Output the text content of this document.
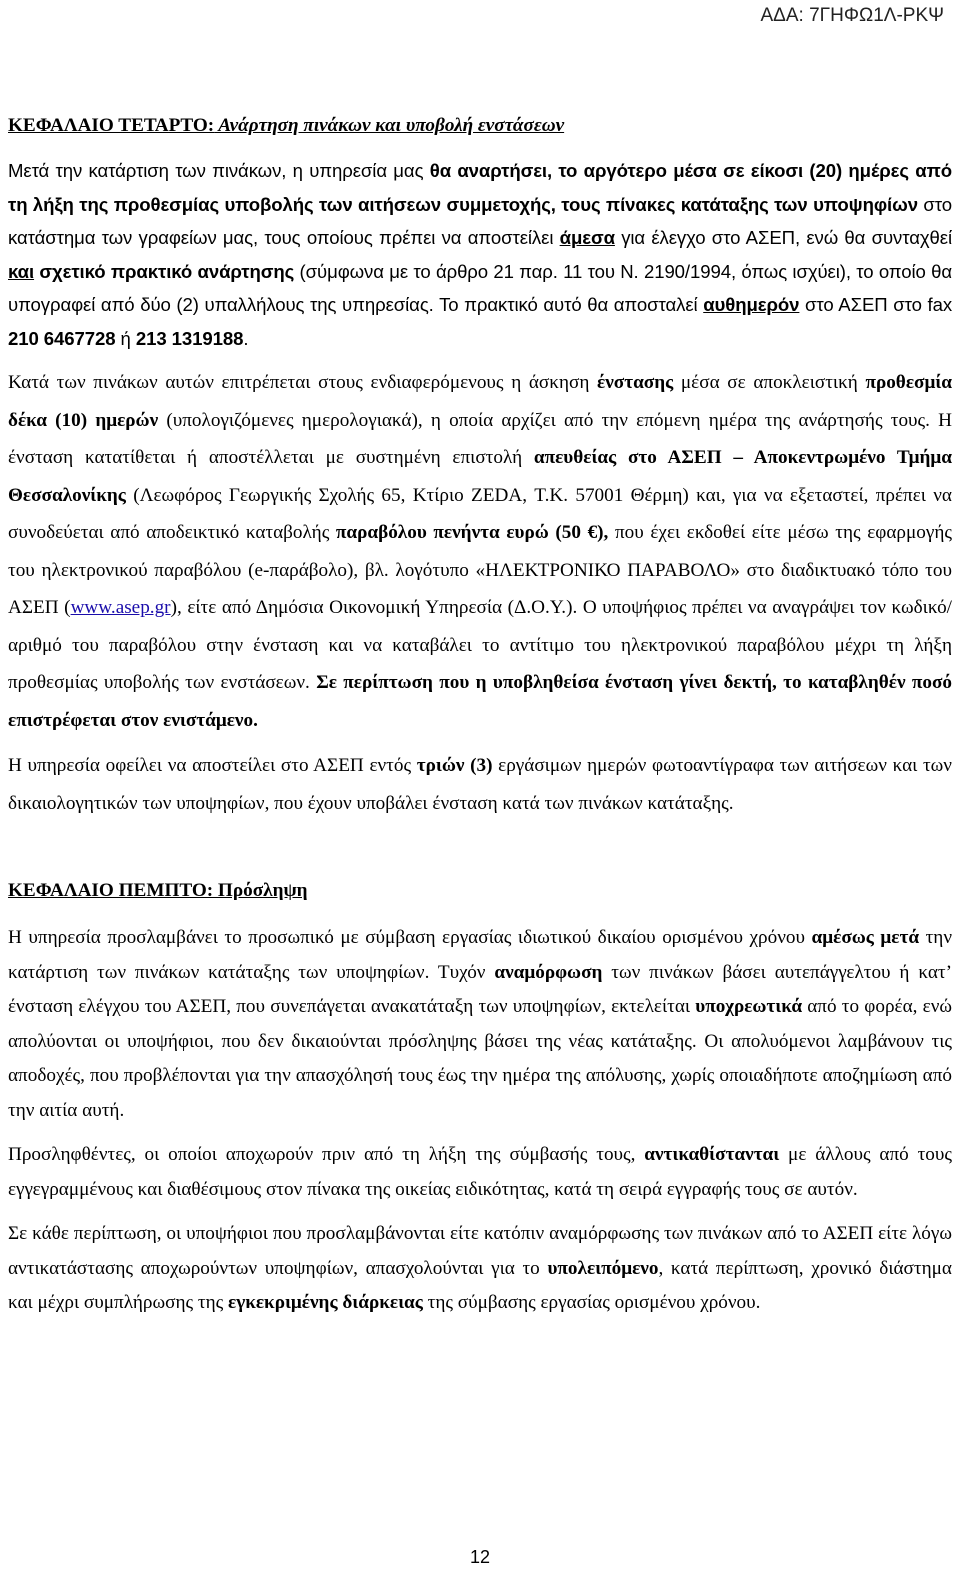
ΑΔΑ: 7ΓΗΦΩ1Λ-ΡΚΨ
ΚΕΦΑΛΑΙΟ ΤΕΤΑΡΤΟ: Ανάρτηση πινάκων και υποβολή ενστάσεων

Μετά την κατάρτιση των πινάκων, η υπηρεσία μας θα αναρτήσει, το αργότερο μέσα σε είκοσι (20) ημέρες από τη λήξη της προθεσμίας υποβολής των αιτήσεων συμμετοχής, τους πίνακες κατάταξης των υποψηφίων στο κατάστημα των γραφείων μας, τους οποίους πρέπει να αποστείλει άμεσα για έλεγχο στο ΑΣΕΠ, ενώ θα συνταχθεί και σχετικό πρακτικό ανάρτησης (σύμφωνα με το άρθρο 21 παρ. 11 του Ν. 2190/1994, όπως ισχύει), το οποίο θα υπογραφεί από δύο (2) υπαλλήλους της υπηρεσίας. Το πρακτικό αυτό θα αποσταλεί αυθημερόν στο ΑΣΕΠ στο fax 210 6467728 ή 213 1319188.

Κατά των πινάκων αυτών επιτρέπεται στους ενδιαφερόμενους η άσκηση ένστασης μέσα σε αποκλειστική προθεσμία δέκα (10) ημερών (υπολογιζόμενες ημερολογιακά), η οποία αρχίζει από την επόμενη ημέρα της ανάρτησής τους. Η ένσταση κατατίθεται ή αποστέλλεται με συστημένη επιστολή απευθείας στο ΑΣΕΠ – Αποκεντρωμένο Τμήμα Θεσσαλονίκης (Λεωφόρος Γεωργικής Σχολής 65, Κτίριο ZEDA, Τ.Κ. 57001 Θέρμη) και, για να εξεταστεί, πρέπει να συνοδεύεται από αποδεικτικό καταβολής παραβόλου πενήντα ευρώ (50 €), που έχει εκδοθεί είτε μέσω της εφαρμογής του ηλεκτρονικού παραβόλου (e-παράβολο), βλ. λογότυπο «ΗΛΕΚΤΡΟΝΙΚΟ ΠΑΡΑΒΟΛΟ» στο διαδικτυακό τόπο του ΑΣΕΠ (www.asep.gr), είτε από Δημόσια Οικονομική Υπηρεσία (Δ.Ο.Υ.). Ο υποψήφιος πρέπει να αναγράψει τον κωδικό/αριθμό του παραβόλου στην ένσταση και να καταβάλει το αντίτιμο του ηλεκτρονικού παραβόλου μέχρι τη λήξη προθεσμίας υποβολής των ενστάσεων. Σε περίπτωση που η υποβληθείσα ένσταση γίνει δεκτή, το καταβληθέν ποσό επιστρέφεται στον ενιστάμενο.

Η υπηρεσία οφείλει να αποστείλει στο ΑΣΕΠ εντός τριών (3) εργάσιμων ημερών φωτοαντίγραφα των αιτήσεων και των δικαιολογητικών των υποψηφίων, που έχουν υποβάλει ένσταση κατά των πινάκων κατάταξης.

ΚΕΦΑΛΑΙΟ ΠΕΜΠΤΟ: Πρόσληψη

Η υπηρεσία προσλαμβάνει το προσωπικό με σύμβαση εργασίας ιδιωτικού δικαίου ορισμένου χρόνου αμέσως μετά την κατάρτιση των πινάκων κατάταξης των υποψηφίων. Τυχόν αναμόρφωση των πινάκων βάσει αυτεπάγγελτου ή κατ’ ένσταση ελέγχου του ΑΣΕΠ, που συνεπάγεται ανακατάταξη των υποψηφίων, εκτελείται υποχρεωτικά από το φορέα, ενώ απολύονται οι υποψήφιοι, που δεν δικαιούνται πρόσληψης βάσει της νέας κατάταξης. Οι απολυόμενοι λαμβάνουν τις αποδοχές, που προβλέπονται για την απασχόλησή τους έως την ημέρα της απόλυσης, χωρίς οποιαδήποτε αποζημίωση από την αιτία αυτή.

Προσληφθέντες, οι οποίοι αποχωρούν πριν από τη λήξη της σύμβασής τους, αντικαθίστανται με άλλους από τους εγγεγραμμένους και διαθέσιμους στον πίνακα της οικείας ειδικότητας, κατά τη σειρά εγγραφής τους σε αυτόν.

Σε κάθε περίπτωση, οι υποψήφιοι που προσλαμβάνονται είτε κατόπιν αναμόρφωσης των πινάκων από το ΑΣΕΠ είτε λόγω αντικατάστασης αποχωρούντων υποψηφίων, απασχολούνται για το υπολειπόμενο, κατά περίπτωση, χρονικό διάστημα και μέχρι συμπλήρωσης της εγκεκριμένης διάρκειας της σύμβασης εργασίας ορισμένου χρόνου.

12
